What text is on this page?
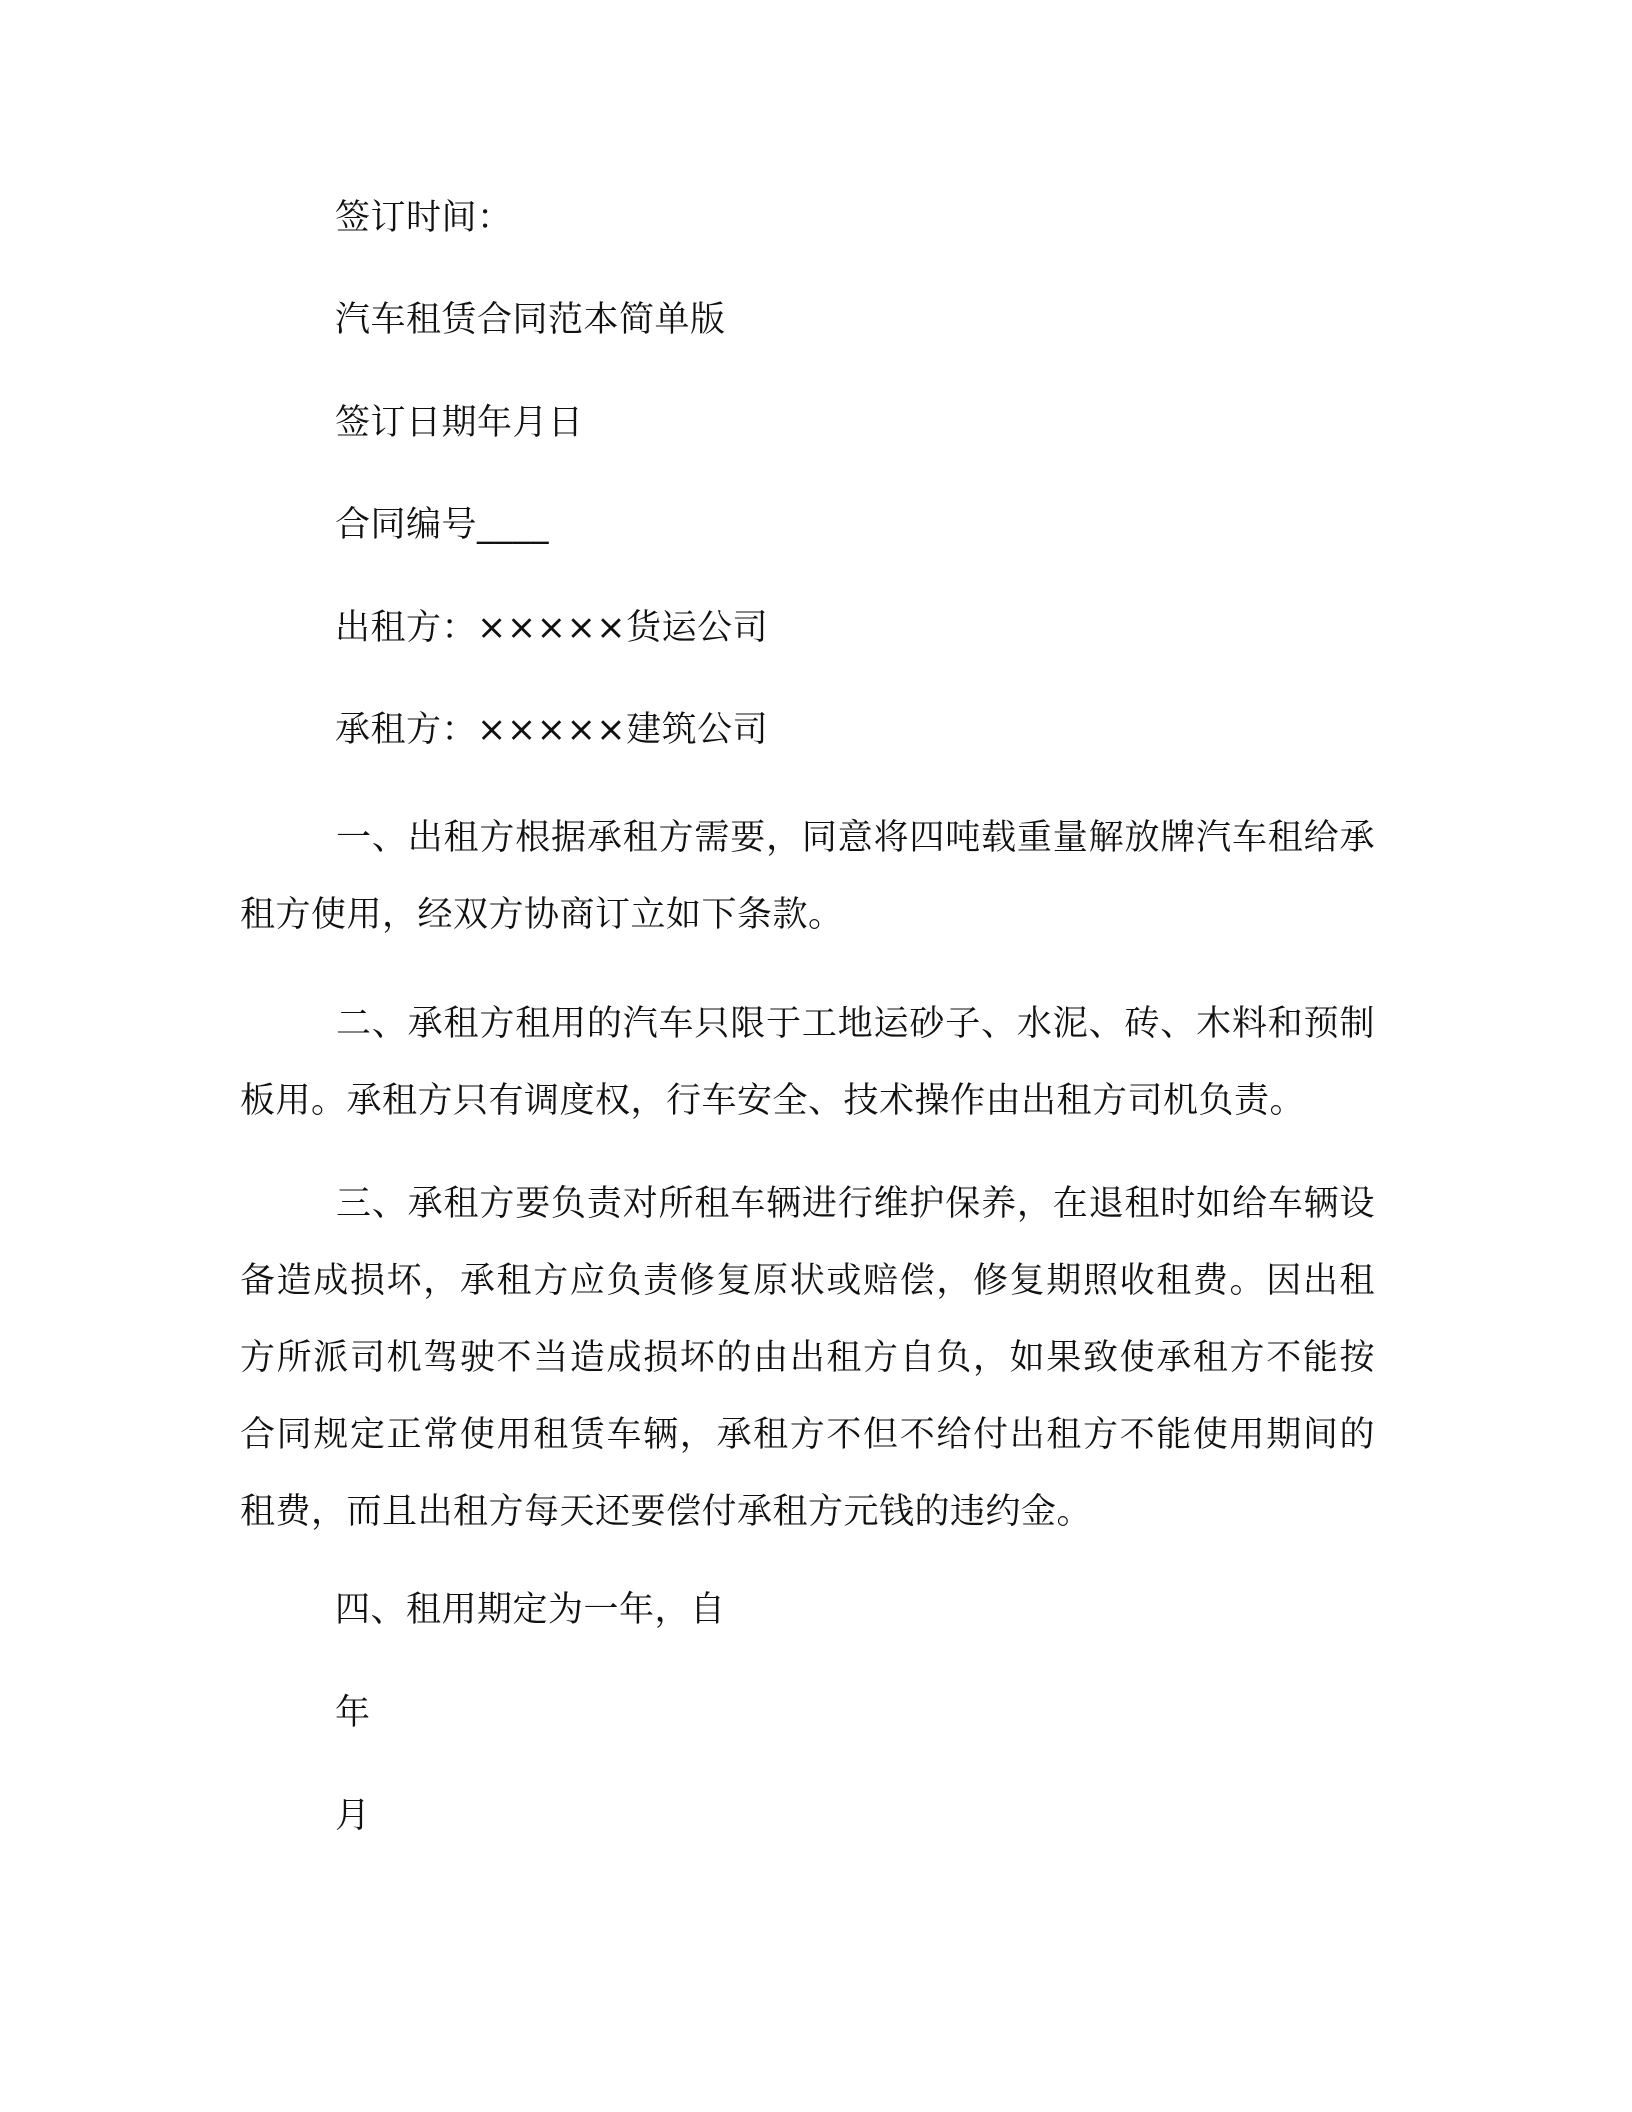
签订时间：
汽车租赁合同范本简单版
签订日期年月日
合同编号____
出租方：×××××货运公司
承租方：×××××建筑公司
一、出租方根据承租方需要，同意将四吨载重量解放牌汽车租给承租方使用，经双方协商订立如下条款。
二、承租方租用的汽车只限于工地运砂子、水泥、砖、木料和预制板用。承租方只有调度权，行车安全、技术操作由出租方司机负责。
三、承租方要负责对所租车辆进行维护保养，在退租时如给车辆设备造成损坏，承租方应负责修复原状或赔偿，修复期照收租费。因出租方所派司机驾驶不当造成损坏的由出租方自负，如果致使承租方不能按合同规定正常使用租赁车辆，承租方不但不给付出租方不能使用期间的租费，而且出租方每天还要偿付承租方元钱的违约金。
四、租用期定为一年，自
年
月
